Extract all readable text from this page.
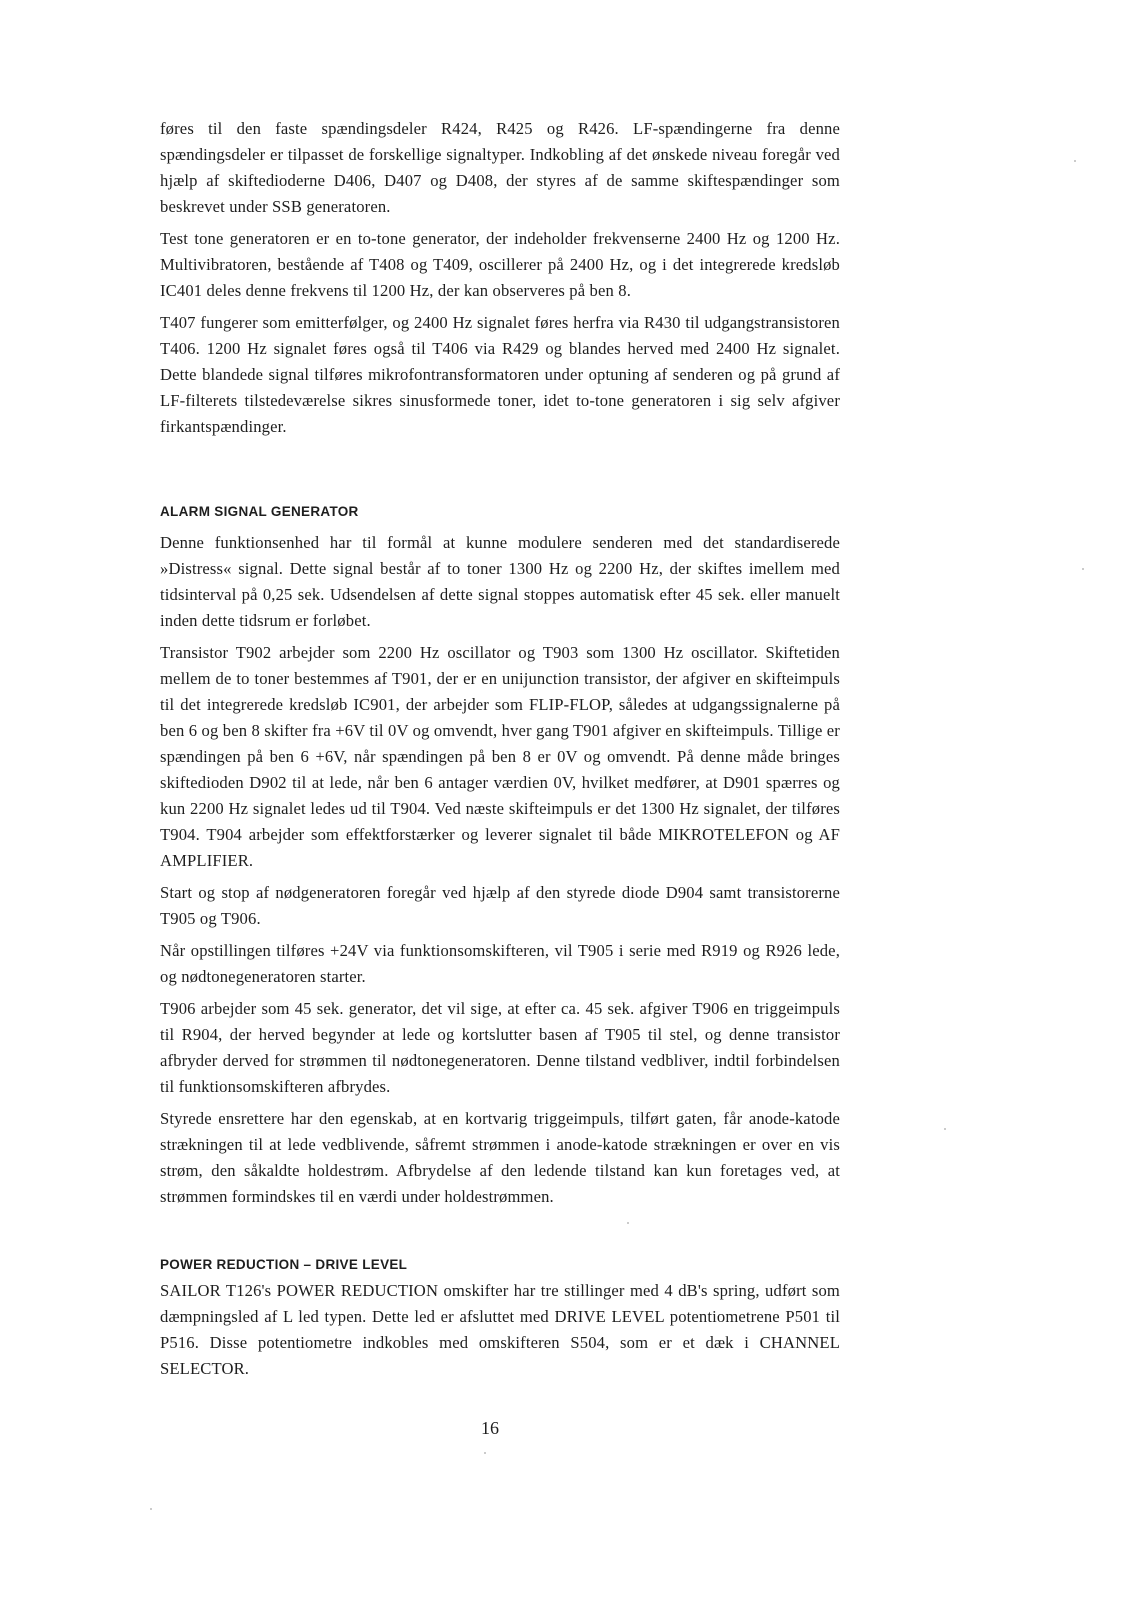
føres til den faste spændingsdeler R424, R425 og R426. LF-spændingerne fra denne spændingsdeler er tilpasset de forskellige signaltyper. Indkobling af det ønskede niveau foregår ved hjælp af skiftedioderne D406, D407 og D408, der styres af de samme skiftespændinger som beskrevet under SSB generatoren.

Test tone generatoren er en to-tone generator, der indeholder frekvenserne 2400 Hz og 1200 Hz. Multivibratoren, bestående af T408 og T409, oscillerer på 2400 Hz, og i det integrerede kredsløb IC401 deles denne frekvens til 1200 Hz, der kan observeres på ben 8.

T407 fungerer som emitterfølger, og 2400 Hz signalet føres herfra via R430 til udgangstransistoren T406. 1200 Hz signalet føres også til T406 via R429 og blandes herved med 2400 Hz signalet. Dette blandede signal tilføres mikrofontransformatoren under optuning af senderen og på grund af LF-filterets tilstedeværelse sikres sinusformede toner, idet to-tone generatoren i sig selv afgiver firkantspændinger.

ALARM SIGNAL GENERATOR

Denne funktionsenhed har til formål at kunne modulere senderen med det standardiserede »Distress« signal. Dette signal består af to toner 1300 Hz og 2200 Hz, der skiftes imellem med tidsinterval på 0,25 sek. Udsendelsen af dette signal stoppes automatisk efter 45 sek. eller manuelt inden dette tidsrum er forløbet.

Transistor T902 arbejder som 2200 Hz oscillator og T903 som 1300 Hz oscillator. Skiftetiden mellem de to toner bestemmes af T901, der er en unijunction transistor, der afgiver en skifteimpuls til det integrerede kredsløb IC901, der arbejder som FLIP-FLOP, således at udgangssignalerne på ben 6 og ben 8 skifter fra +6V til 0V og omvendt, hver gang T901 afgiver en skifteimpuls. Tillige er spændingen på ben 6 +6V, når spændingen på ben 8 er 0V og omvendt. På denne måde bringes skiftedioden D902 til at lede, når ben 6 antager værdien 0V, hvilket medfører, at D901 spærres og kun 2200 Hz signalet ledes ud til T904. Ved næste skifteimpuls er det 1300 Hz signalet, der tilføres T904. T904 arbejder som effektforstærker og leverer signalet til både MIKROTELEFON og AF AMPLIFIER.

Start og stop af nødgeneratoren foregår ved hjælp af den styrede diode D904 samt transistorerne T905 og T906.

Når opstillingen tilføres +24V via funktionsomskifteren, vil T905 i serie med R919 og R926 lede, og nødtonegeneratoren starter.

T906 arbejder som 45 sek. generator, det vil sige, at efter ca. 45 sek. afgiver T906 en triggeimpuls til R904, der herved begynder at lede og kortslutter basen af T905 til stel, og denne transistor afbryder derved for strømmen til nødtonegeneratoren. Denne tilstand vedbliver, indtil forbindelsen til funktionsomskifteren afbrydes.

Styrede ensrettere har den egenskab, at en kortvarig triggeimpuls, tilført gaten, får anode-katode strækningen til at lede vedblivende, såfremt strømmen i anode-katode strækningen er over en vis strøm, den såkaldte holdestrøm. Afbrydelse af den ledende tilstand kan kun foretages ved, at strømmen formindskes til en værdi under holdestrømmen.

POWER REDUCTION – DRIVE LEVEL

SAILOR T126's POWER REDUCTION omskifter har tre stillinger med 4 dB's spring, udført som dæmpningsled af L led typen. Dette led er afsluttet med DRIVE LEVEL potentiometrene P501 til P516. Disse potentiometre indkobles med omskifteren S504, som er et dæk i CHANNEL SELECTOR.

16
